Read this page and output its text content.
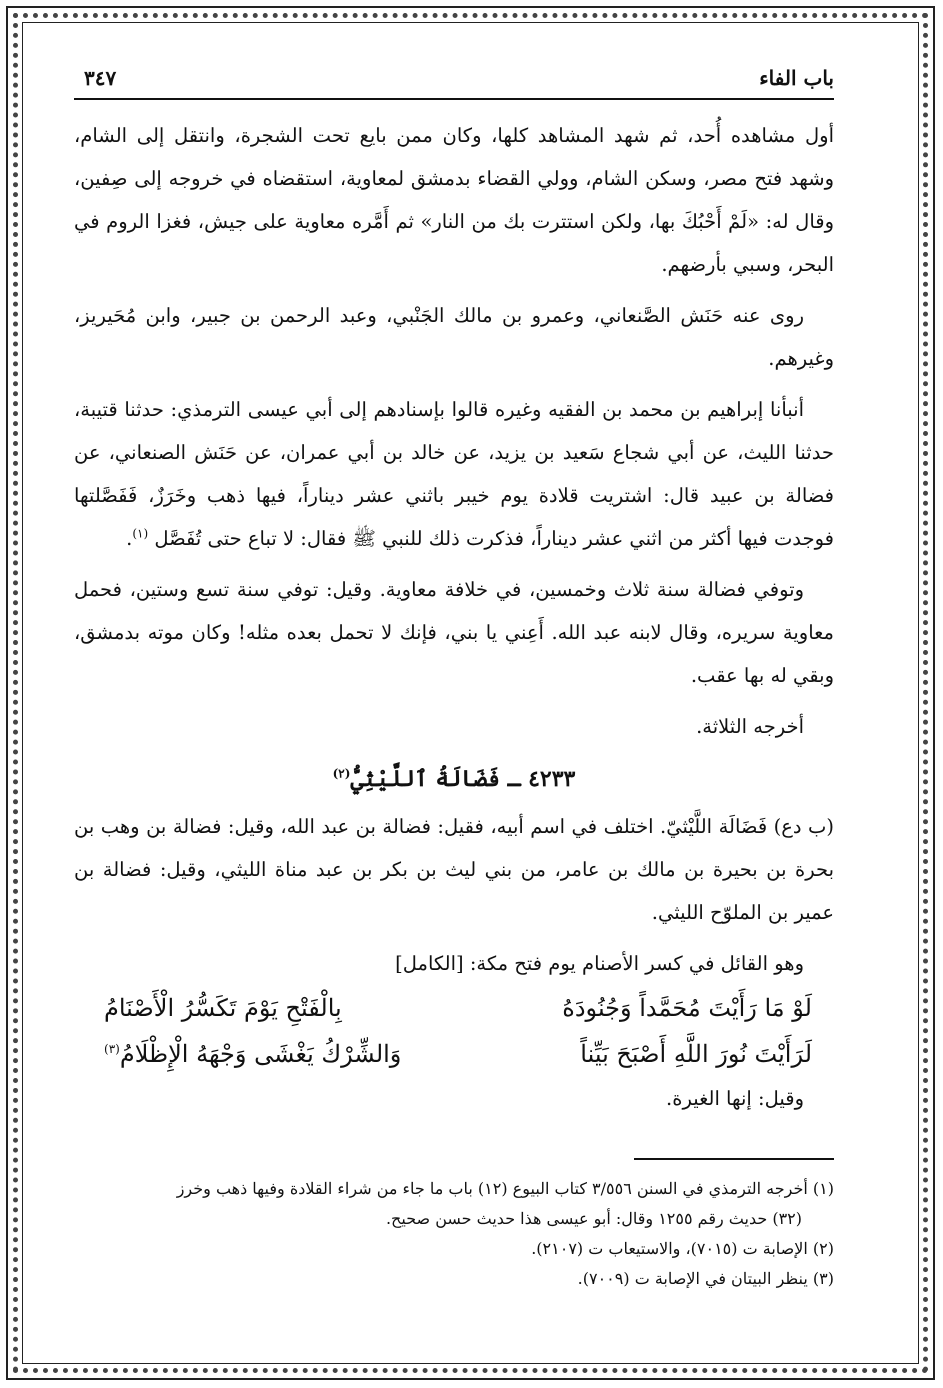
باب الفاء
٣٤٧

أول مشاهده أُحد، ثم شهد المشاهد كلها، وكان ممن بايع تحت الشجرة، وانتقل إلى الشام، وشهد فتح مصر، وسكن الشام، وولي القضاء بدمشق لمعاوية، استقضاه في خروجه إلى صِفين، وقال له: «لَمْ أَحْبُكَ بها، ولكن استترت بك من النار» ثم أَمَّره معاوية على جيش، فغزا الروم في البحر، وسبي بأرضهم.

روى عنه حَنَش الصَّنعاني، وعمرو بن مالك الجَنْبي، وعبد الرحمن بن جبير، وابن مُحَيريز، وغيرهم.

أنبأنا إبراهيم بن محمد بن الفقيه وغيره قالوا بإسنادهم إلى أبي عيسى الترمذي: حدثنا قتيبة، حدثنا الليث، عن أبي شجاع سَعيد بن يزيد، عن خالد بن أبي عمران، عن حَنَش الصنعاني، عن فضالة بن عبيد قال: اشتريت قلادة يوم خيبر باثني عشر ديناراً، فيها ذهب وخَرَزٌ، فَفَصَّلتها فوجدت فيها أكثر من اثني عشر ديناراً، فذكرت ذلك للنبي ﷺ فقال: لا تباع حتى تُفَصَّل $^{(١)}$.

وتوفي فضالة سنة ثلاث وخمسين، في خلافة معاوية. وقيل: توفي سنة تسع وستين، فحمل معاوية سريره، وقال لابنه عبد الله. أَعِني يا بني، فإنك لا تحمل بعده مثله! وكان موته بدمشق، وبقي له بها عقب.

أخرجه الثلاثة.

٤٢٣٣ ـ فَضَالَةُ ٱللَّيْثِيُّ$^{(٢)}$

(ب دع) فَضَالَة اللَّيْثيّ. اختلف في اسم أبيه، فقيل: فضالة بن عبد الله، وقيل: فضالة بن وهب بن بحرة بن بحيرة بن مالك بن عامر، من بني ليث بن بكر بن عبد مناة الليثي، وقيل: فضالة بن عمير بن الملوّح الليثي.

وهو القائل في كسر الأصنام يوم فتح مكة: [الكامل]

لَوْ مَا رَأَيْتَ مُحَمَّداً وَجُنُودَهُ
بِالْفَتْحِ يَوْمَ تَكَسُّرُ الْأَصْنَامُ
لَرَأَيْتَ نُورَ اللَّهِ أَصْبَحَ بَيِّناً
وَالشِّرْكُ يَغْشَى وَجْهَهُ الْإِظْلَامُ$^{(٣)}$

وقيل: إنها الغيرة.

(١) أخرجه الترمذي في السنن ٣/٥٥٦ كتاب البيوع (١٢) باب ما جاء من شراء القلادة وفيها ذهب وخرز
(٣٢) حديث رقم ١٢٥٥ وقال: أبو عيسى هذا حديث حسن صحيح.
(٢) الإصابة ت (٧٠١٥)، والاستيعاب ت (٢١٠٧).
(٣) ينظر البيتان في الإصابة ت (٧٠٠٩).
